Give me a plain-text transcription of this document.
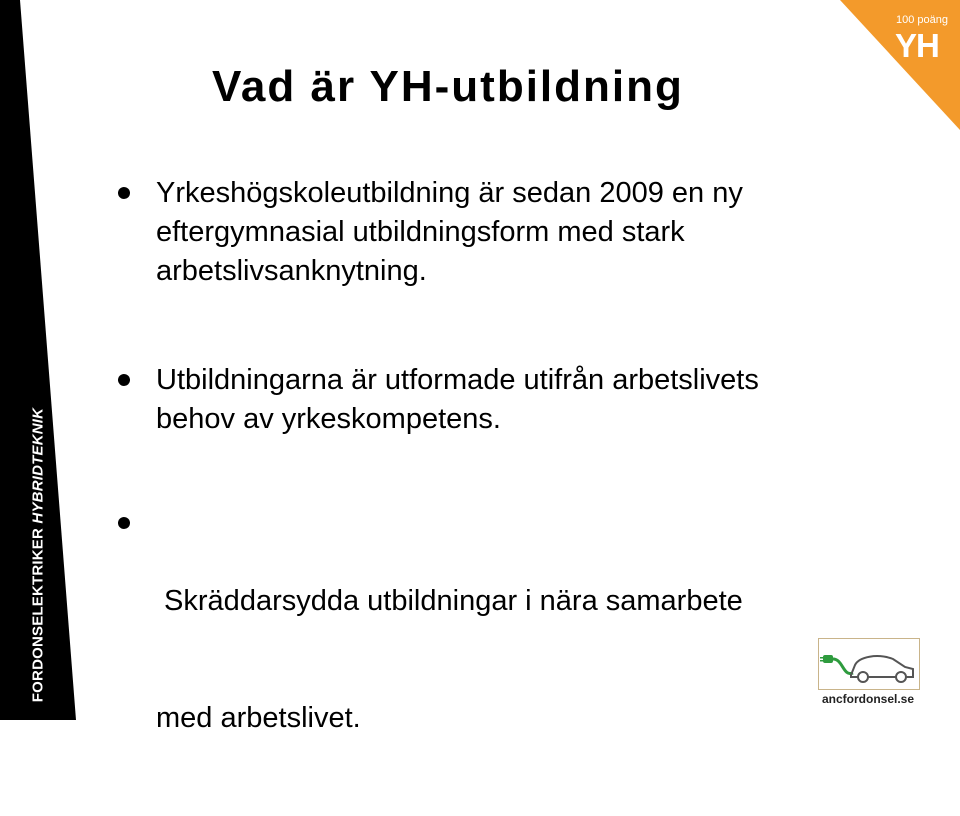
FORDONSELEKTRIKER HYBRIDTEKNIK
100 poäng
YH
Vad är YH-utbildning
Yrkeshögskoleutbildning är sedan 2009 en ny
eftergymnasial utbildningsform med stark
arbetslivsanknytning.
Utbildningarna är utformade utifrån arbetslivets
behov av yrkeskompetens.

Skräddarsydda utbildningar i nära samarbete

med arbetslivet.

ancfordonsel.se
